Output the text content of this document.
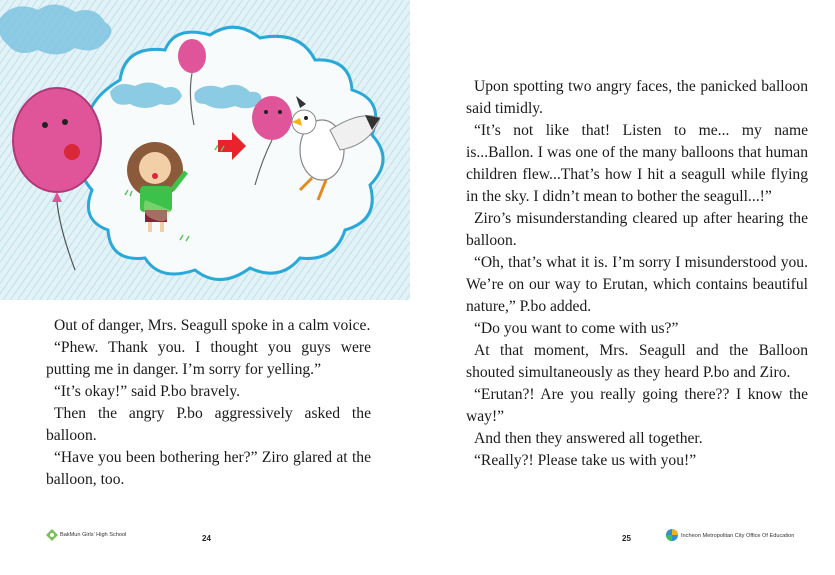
Out of danger, Mrs. Seagull spoke in a calm voice.
“Phew. Thank you. I thought you guys were putting me in danger. I’m sorry for yelling.”
“It’s okay!” said P.bo bravely.
Then the angry P.bo aggressively asked the balloon.
“Have you been bothering her?” Ziro glared at the balloon, too.

BakMun Girls’ High School	24

Upon spotting two angry faces, the panicked balloon said timidly.
“It’s not like that! Listen to me... my name is...Ballon. I was one of the many balloons that human children flew...That’s how I hit a seagull while flying in the sky. I didn’t mean to bother the seagull...!”
Ziro’s misunderstanding cleared up after hearing the balloon.
“Oh, that’s what it is. I’m sorry I misunderstood you. We’re on our way to Erutan, which contains beautiful nature,” P.bo added.
“Do you want to come with us?”
At that moment, Mrs. Seagull and the Balloon shouted simultaneously as they heard P.bo and Ziro.
“Erutan?! Are you really going there?? I know the way!”
And then they answered all together.
“Really?! Please take us with you!”

25	Incheon Metropolitan City Office Of Education
